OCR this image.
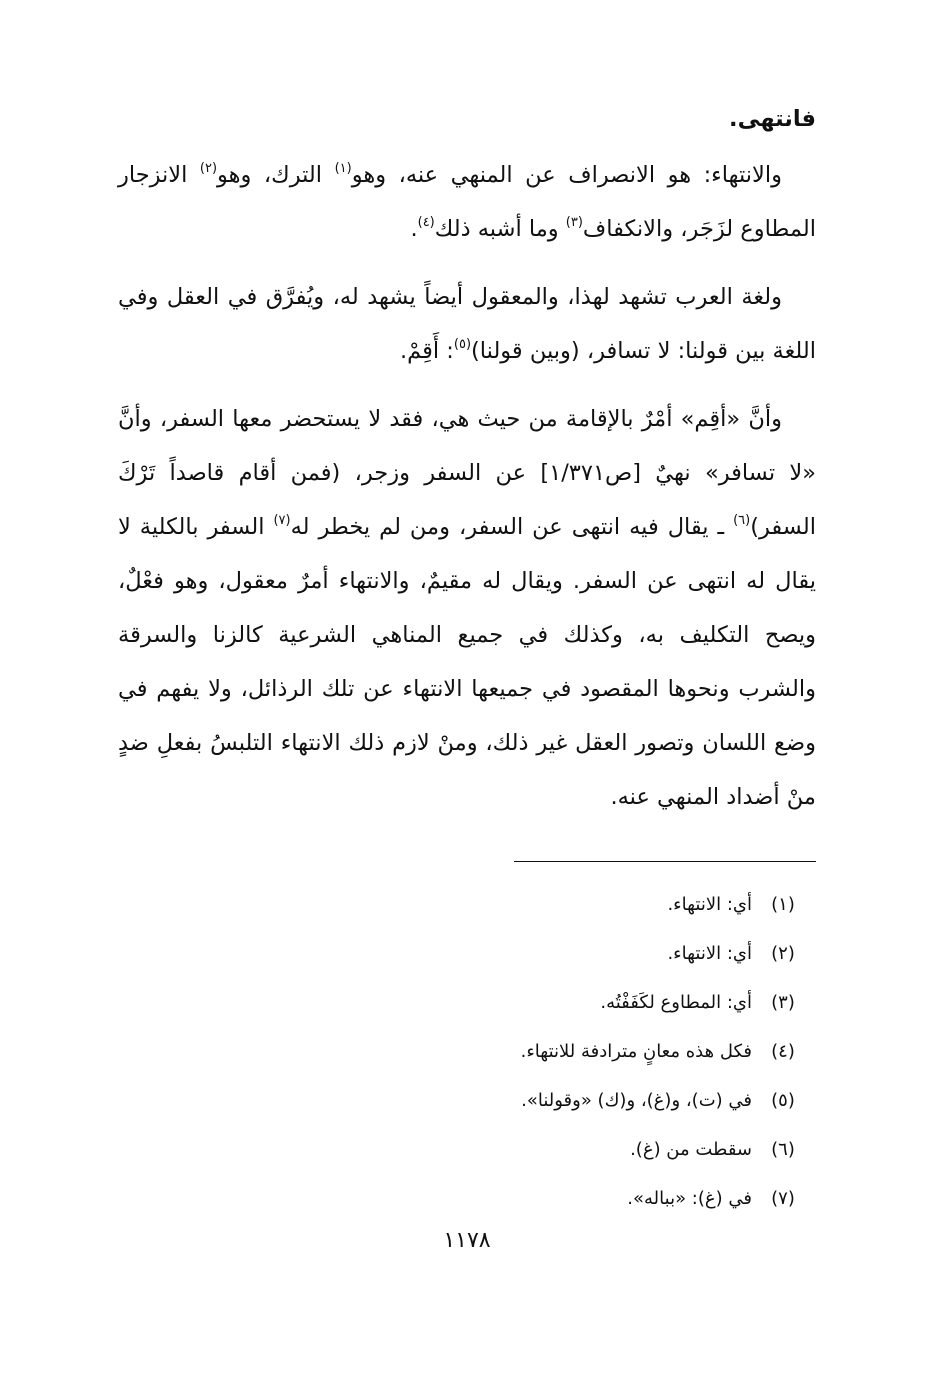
فانتهى.

والانتهاء: هو الانصراف عن المنهي عنه، وهو$^{(١)}$ الترك، وهو$^{(٢)}$ الانزجار المطاوع لزَجَر، والانكفاف$^{(٣)}$ وما أشبه ذلك$^{(٤)}$.

ولغة العرب تشهد لهذا، والمعقول أيضاً يشهد له، ويُفرَّق في العقل وفي اللغة بين قولنا: لا تسافر، (وبين قولنا)$^{(٥)}$: أَقِمْ.

وأنَّ «أقِم» أمْرٌ بالإقامة من حيث هي، فقد لا يستحضر معها السفر، وأنَّ «لا تسافر» نهيٌ [ص١/٣٧١] عن السفر وزجر، (فمن أقام قاصداً تَرْكَ السفر)$^{(٦)}$ ـ يقال فيه انتهى عن السفر، ومن لم يخطر له$^{(٧)}$ السفر بالكلية لا يقال له انتهى عن السفر. ويقال له مقيمٌ، والانتهاء أمرٌ معقول، وهو فعْلٌ، ويصح التكليف به، وكذلك في جميع المناهي الشرعية كالزنا والسرقة والشرب ونحوها المقصود في جميعها الانتهاء عن تلك الرذائل، ولا يفهم في وضع اللسان وتصور العقل غير ذلك، ومنْ لازم ذلك الانتهاء التلبسُ بفعلِ ضدٍ منْ أضداد المنهي عنه.

(١)
أي: الانتهاء.
(٢)
أي: الانتهاء.
(٣)
أي: المطاوع لكَفَفْتُه.
(٤)
فكل هذه معانٍ مترادفة للانتهاء.
(٥)
في (ت)، و(غ)، و(ك) «وقولنا».
(٦)
سقطت من (غ).
(٧)
في (غ): «بباله».
١١٧٨
